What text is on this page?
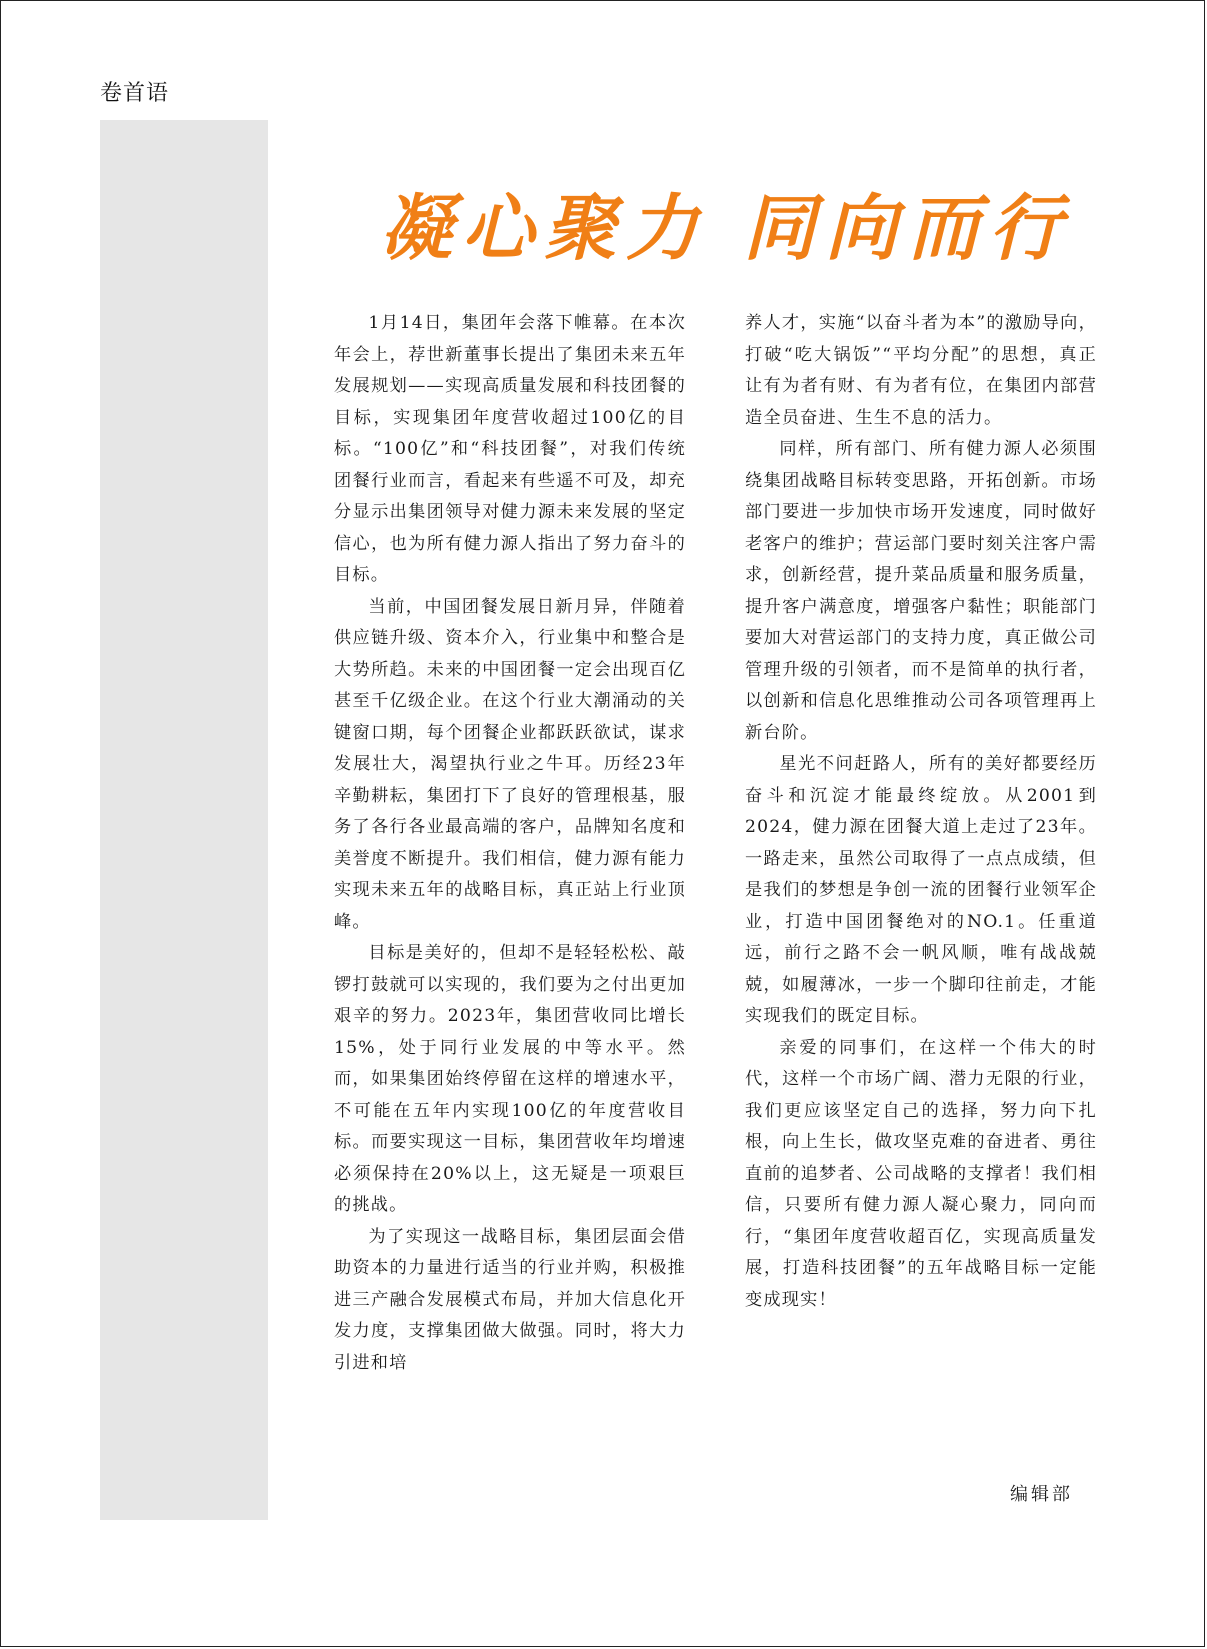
卷首语
凝心聚力 同向而行

1月14日，集团年会落下帷幕。在本次年会上，荐世新董事长提出了集团未来五年发展规划——实现高质量发展和科技团餐的目标，实现集团年度营收超过100亿的目标。“100亿”和“科技团餐”，对我们传统团餐行业而言，看起来有些遥不可及，却充分显示出集团领导对健力源未来发展的坚定信心，也为所有健力源人指出了努力奋斗的目标。

当前，中国团餐发展日新月异，伴随着供应链升级、资本介入，行业集中和整合是大势所趋。未来的中国团餐一定会出现百亿甚至千亿级企业。在这个行业大潮涌动的关键窗口期，每个团餐企业都跃跃欲试，谋求发展壮大，渴望执行业之牛耳。历经23年辛勤耕耘，集团打下了良好的管理根基，服务了各行各业最高端的客户，品牌知名度和美誉度不断提升。我们相信，健力源有能力实现未来五年的战略目标，真正站上行业顶峰。

目标是美好的，但却不是轻轻松松、敲锣打鼓就可以实现的，我们要为之付出更加艰辛的努力。2023年，集团营收同比增长15%，处于同行业发展的中等水平。然而，如果集团始终停留在这样的增速水平，不可能在五年内实现100亿的年度营收目标。而要实现这一目标，集团营收年均增速必须保持在20%以上，这无疑是一项艰巨的挑战。

为了实现这一战略目标，集团层面会借助资本的力量进行适当的行业并购，积极推进三产融合发展模式布局，并加大信息化开发力度，支撑集团做大做强。同时，将大力引进和培

养人才，实施“以奋斗者为本”的激励导向，打破“吃大锅饭”“平均分配”的思想，真正让有为者有财、有为者有位，在集团内部营造全员奋进、生生不息的活力。

同样，所有部门、所有健力源人必须围绕集团战略目标转变思路，开拓创新。市场部门要进一步加快市场开发速度，同时做好老客户的维护；营运部门要时刻关注客户需求，创新经营，提升菜品质量和服务质量，提升客户满意度，增强客户黏性；职能部门要加大对营运部门的支持力度，真正做公司管理升级的引领者，而不是简单的执行者，以创新和信息化思维推动公司各项管理再上新台阶。

星光不问赶路人，所有的美好都要经历奋斗和沉淀才能最终绽放。从2001到2024，健力源在团餐大道上走过了23年。一路走来，虽然公司取得了一点点成绩，但是我们的梦想是争创一流的团餐行业领军企业，打造中国团餐绝对的NO.1。任重道远，前行之路不会一帆风顺，唯有战战兢兢，如履薄冰，一步一个脚印往前走，才能实现我们的既定目标。

亲爱的同事们，在这样一个伟大的时代，这样一个市场广阔、潜力无限的行业，我们更应该坚定自己的选择，努力向下扎根，向上生长，做攻坚克难的奋进者、勇往直前的追梦者、公司战略的支撑者！我们相信，只要所有健力源人凝心聚力，同向而行，“集团年度营收超百亿，实现高质量发展，打造科技团餐”的五年战略目标一定能变成现实！

编辑部
